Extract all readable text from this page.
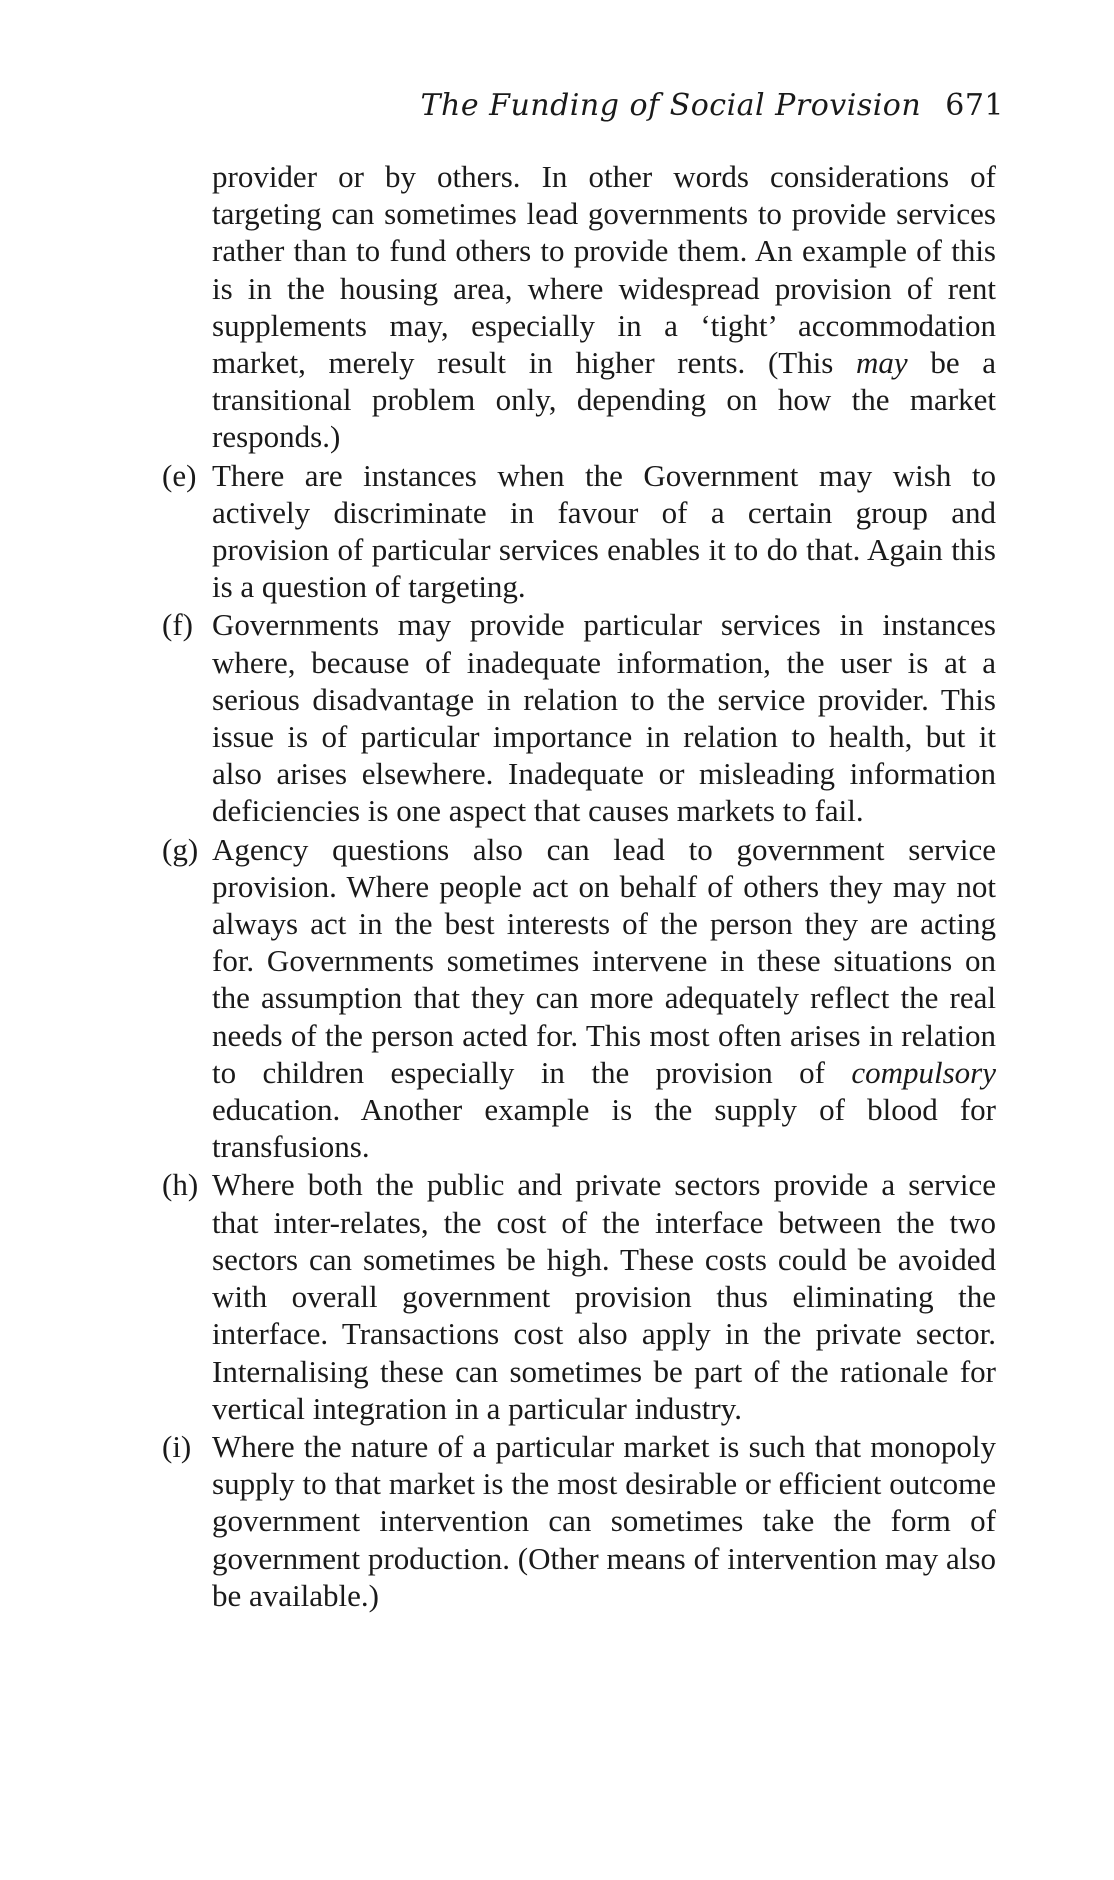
The Funding of Social Provision 671

provider or by others. In other words considerations of targeting can sometimes lead governments to provide services rather than to fund others to provide them. An example of this is in the housing area, where widespread provision of rent supplements may, especially in a ‘tight’ accommodation market, merely result in higher rents. (This may be a transitional problem only, depending on how the market responds.)

(e) There are instances when the Government may wish to actively discriminate in favour of a certain group and provision of particular services enables it to do that. Again this is a question of targeting.
(f) Governments may provide particular services in instances where, because of inadequate information, the user is at a serious disadvantage in relation to the service provider. This issue is of particular importance in relation to health, but it also arises elsewhere. Inadequate or misleading information deficiencies is one aspect that causes markets to fail.
(g) Agency questions also can lead to government service provision. Where people act on behalf of others they may not always act in the best interests of the person they are acting for. Governments sometimes intervene in these situations on the assumption that they can more adequately reflect the real needs of the person acted for. This most often arises in relation to children especially in the provision of compulsory education. Another example is the supply of blood for transfusions.
(h) Where both the public and private sectors provide a service that inter-relates, the cost of the interface between the two sectors can sometimes be high. These costs could be avoided with overall government provision thus eliminating the interface. Transactions cost also apply in the private sector. Internalising these can sometimes be part of the rationale for vertical integration in a particular industry.
(i) Where the nature of a particular market is such that monopoly supply to that market is the most desirable or efficient outcome government intervention can sometimes take the form of government production. (Other means of intervention may also be available.)
